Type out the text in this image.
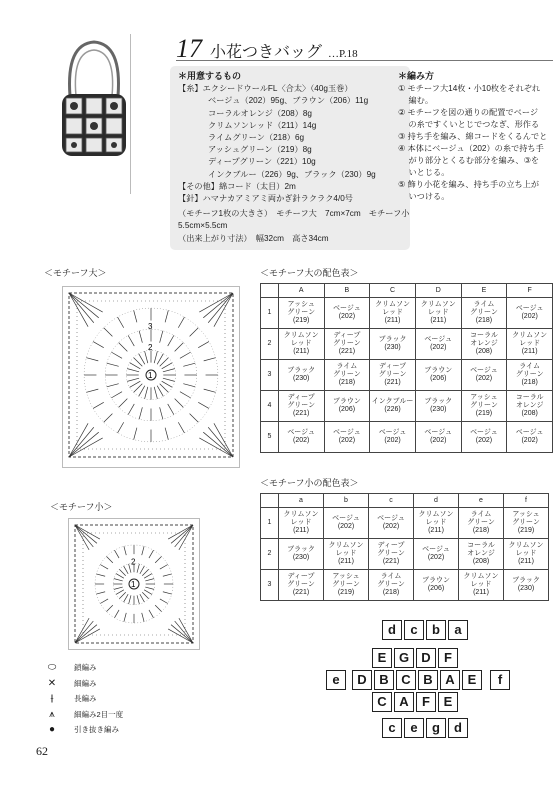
17 小花つきバッグ …P.18
＊用意するもの
【糸】エクシードウールFL〈合太〉（40g玉巻）
ベージュ（202）95g、ブラウン（206）11g
コーラルオレンジ（208）8g
クリムソンレッド（211）14g
ライムグリーン（218）6g
アッシュグリーン（219）8g
ディープグリーン（221）10g
インクブルー（226）9g、ブラック（230）9g
【その他】綿コード（太目）2m
【針】ハマナカアミアミ両かぎ針ラクラク4/0号
（モチーフ1枚の大きさ）　モチーフ大　7cm×7cm　モチーフ小　5.5cm×5.5cm
（出来上がり寸法）　幅32cm　高さ34cm
＊編み方
① モチーフ大14枚・小10枚をそれぞれ
　 編む。
② モチーフを図の通りの配置でベージ
　 の糸ですくいとじでつなぎ、形作る
③ 持ち手を編み、綿コードをくるんでと
④ 本体にベージュ（202）の糸で持ち手
　 がり部分とくるむ部分を編み、③を
　 いとじる。
⑤ 飾り小花を編み、持ち手の立ち上が
　 いつける。
＜モチーフ大＞
3
2
1
＜モチーフ大の配色表＞
	A	B	C	D	E	F
1	アッシュ
グリーン
(219)	ベージュ
(202)	クリムソン
レッド
(211)	クリムソン
レッド
(211)	ライム
グリーン
(218)	ベージュ
(202)
2	クリムソン
レッド
(211)	ディープ
グリーン
(221)	ブラック
(230)	ベージュ
(202)	コーラル
オレンジ
(208)	クリムソン
レッド
(211)
3	ブラック
(230)	ライム
グリーン
(218)	ディープ
グリーン
(221)	ブラウン
(206)	ベージュ
(202)	ライム
グリーン
(218)
4	ディープ
グリーン
(221)	ブラウン
(206)	インクブルー
(226)	ブラック
(230)	アッシュ
グリーン
(219)	コーラル
オレンジ
(208)
5	ベージュ
(202)	ベージュ
(202)	ベージュ
(202)	ベージュ
(202)	ベージュ
(202)	ベージュ
(202)
＜モチーフ小＞
2
1
＜モチーフ小の配色表＞
	a	b	c	d	e	f
1	クリムソン
レッド
(211)	ベージュ
(202)	ベージュ
(202)	クリムソン
レッド
(211)	ライム
グリーン
(218)	アッシュ
グリーン
(219)
2	ブラック
(230)	クリムソン
レッド
(211)	ディープ
グリーン
(221)	ベージュ
(202)	コーラル
オレンジ
(208)	クリムソン
レッド
(211)
3	ディープ
グリーン
(221)	アッシュ
グリーン
(219)	ライム
グリーン
(218)	ブラウン
(206)	クリムソン
レッド
(211)	ブラック
(230)
d	c	b	a
E G D	F
e	D B C B A E	f
C A	F	E
c	e	g	d
⬭	鎖編み
✕	細編み
⫲	長編み
⩚	細編み2目一度
●	引き抜き編み
62
